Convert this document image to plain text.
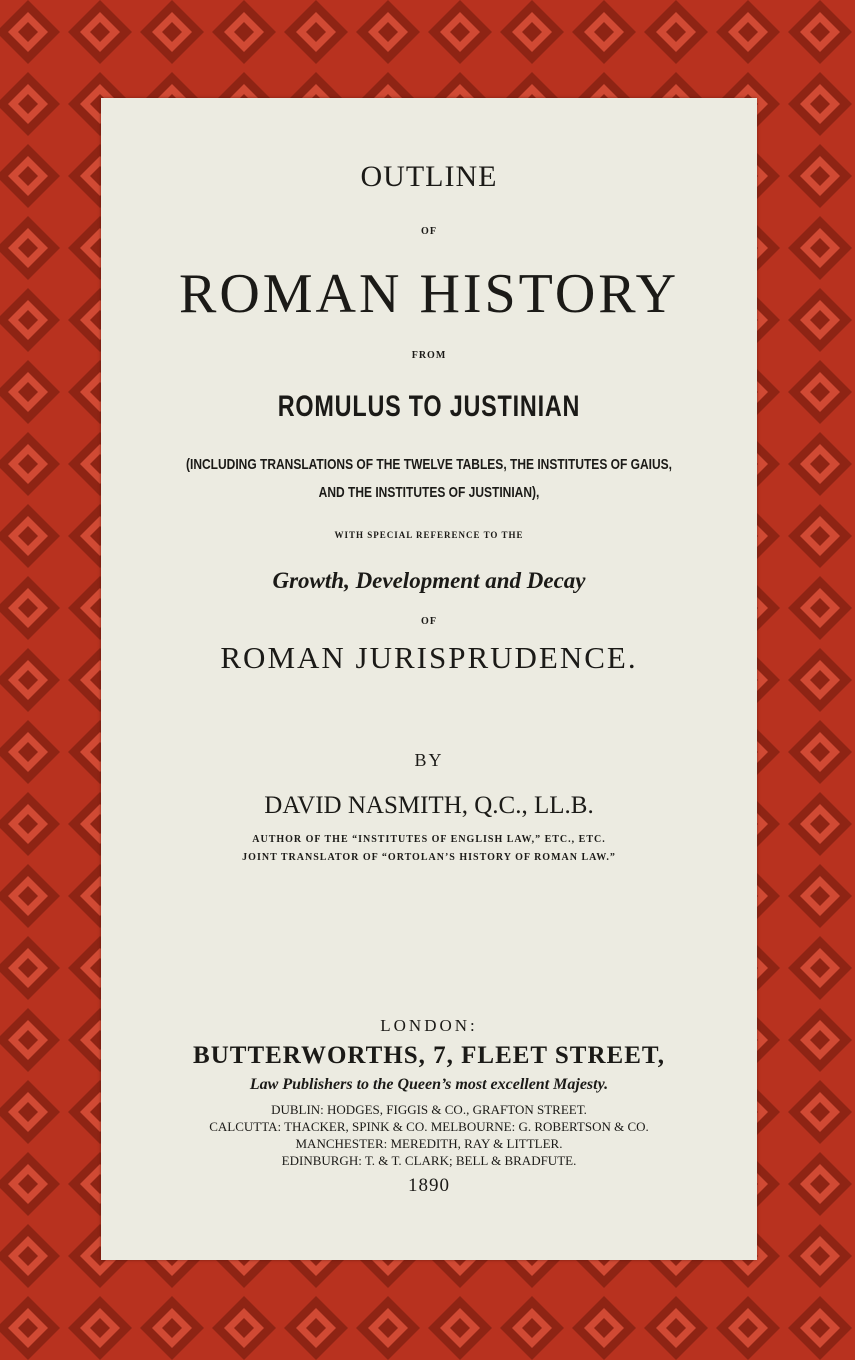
OUTLINE
OF
ROMAN HISTORY
FROM
ROMULUS TO JUSTINIAN
(INCLUDING TRANSLATIONS OF THE TWELVE TABLES, THE INSTITUTES OF GAIUS,
AND THE INSTITUTES OF JUSTINIAN),
WITH SPECIAL REFERENCE TO THE
Growth, Development and Decay
OF
ROMAN JURISPRUDENCE.
BY
DAVID NASMITH, Q.C., LL.B.
AUTHOR OF THE “INSTITUTES OF ENGLISH LAW,” ETC., ETC.
JOINT TRANSLATOR OF “ORTOLAN’S HISTORY OF ROMAN LAW.”
LONDON:
BUTTERWORTHS, 7, FLEET STREET,
Law Publishers to the Queen’s most excellent Majesty.
DUBLIN: HODGES, FIGGIS & CO., GRAFTON STREET.
CALCUTTA: THACKER, SPINK & CO. MELBOURNE: G. ROBERTSON & CO.
MANCHESTER: MEREDITH, RAY & LITTLER.
EDINBURGH: T. & T. CLARK; BELL & BRADFUTE.
1890
